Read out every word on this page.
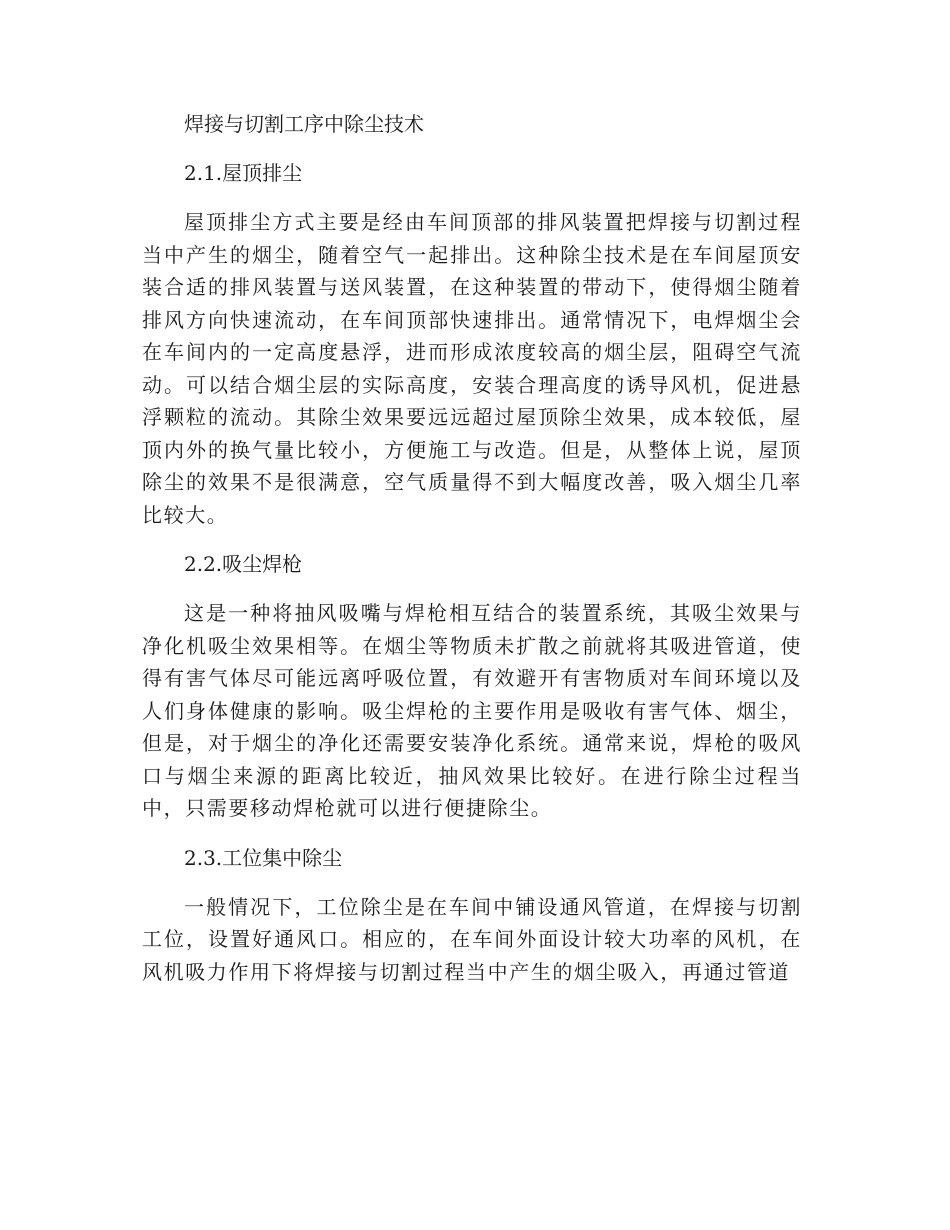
焊接与切割工序中除尘技术
2.1.屋顶排尘
屋顶排尘方式主要是经由车间顶部的排风装置把焊接与切割过程当中产生的烟尘，随着空气一起排出。这种除尘技术是在车间屋顶安装合适的排风装置与送风装置，在这种装置的带动下，使得烟尘随着排风方向快速流动，在车间顶部快速排出。通常情况下，电焊烟尘会在车间内的一定高度悬浮，进而形成浓度较高的烟尘层，阻碍空气流动。可以结合烟尘层的实际高度，安装合理高度的诱导风机，促进悬浮颗粒的流动。其除尘效果要远远超过屋顶除尘效果，成本较低，屋顶内外的换气量比较小，方便施工与改造。但是，从整体上说，屋顶除尘的效果不是很满意，空气质量得不到大幅度改善，吸入烟尘几率比较大。
2.2.吸尘焊枪
这是一种将抽风吸嘴与焊枪相互结合的装置系统，其吸尘效果与净化机吸尘效果相等。在烟尘等物质未扩散之前就将其吸进管道，使得有害气体尽可能远离呼吸位置，有效避开有害物质对车间环境以及人们身体健康的影响。吸尘焊枪的主要作用是吸收有害气体、烟尘，但是，对于烟尘的净化还需要安装净化系统。通常来说，焊枪的吸风口与烟尘来源的距离比较近，抽风效果比较好。在进行除尘过程当中，只需要移动焊枪就可以进行便捷除尘。
2.3.工位集中除尘
一般情况下，工位除尘是在车间中铺设通风管道，在焊接与切割工位，设置好通风口。相应的，在车间外面设计较大功率的风机，在风机吸力作用下将焊接与切割过程当中产生的烟尘吸入，再通过管道
